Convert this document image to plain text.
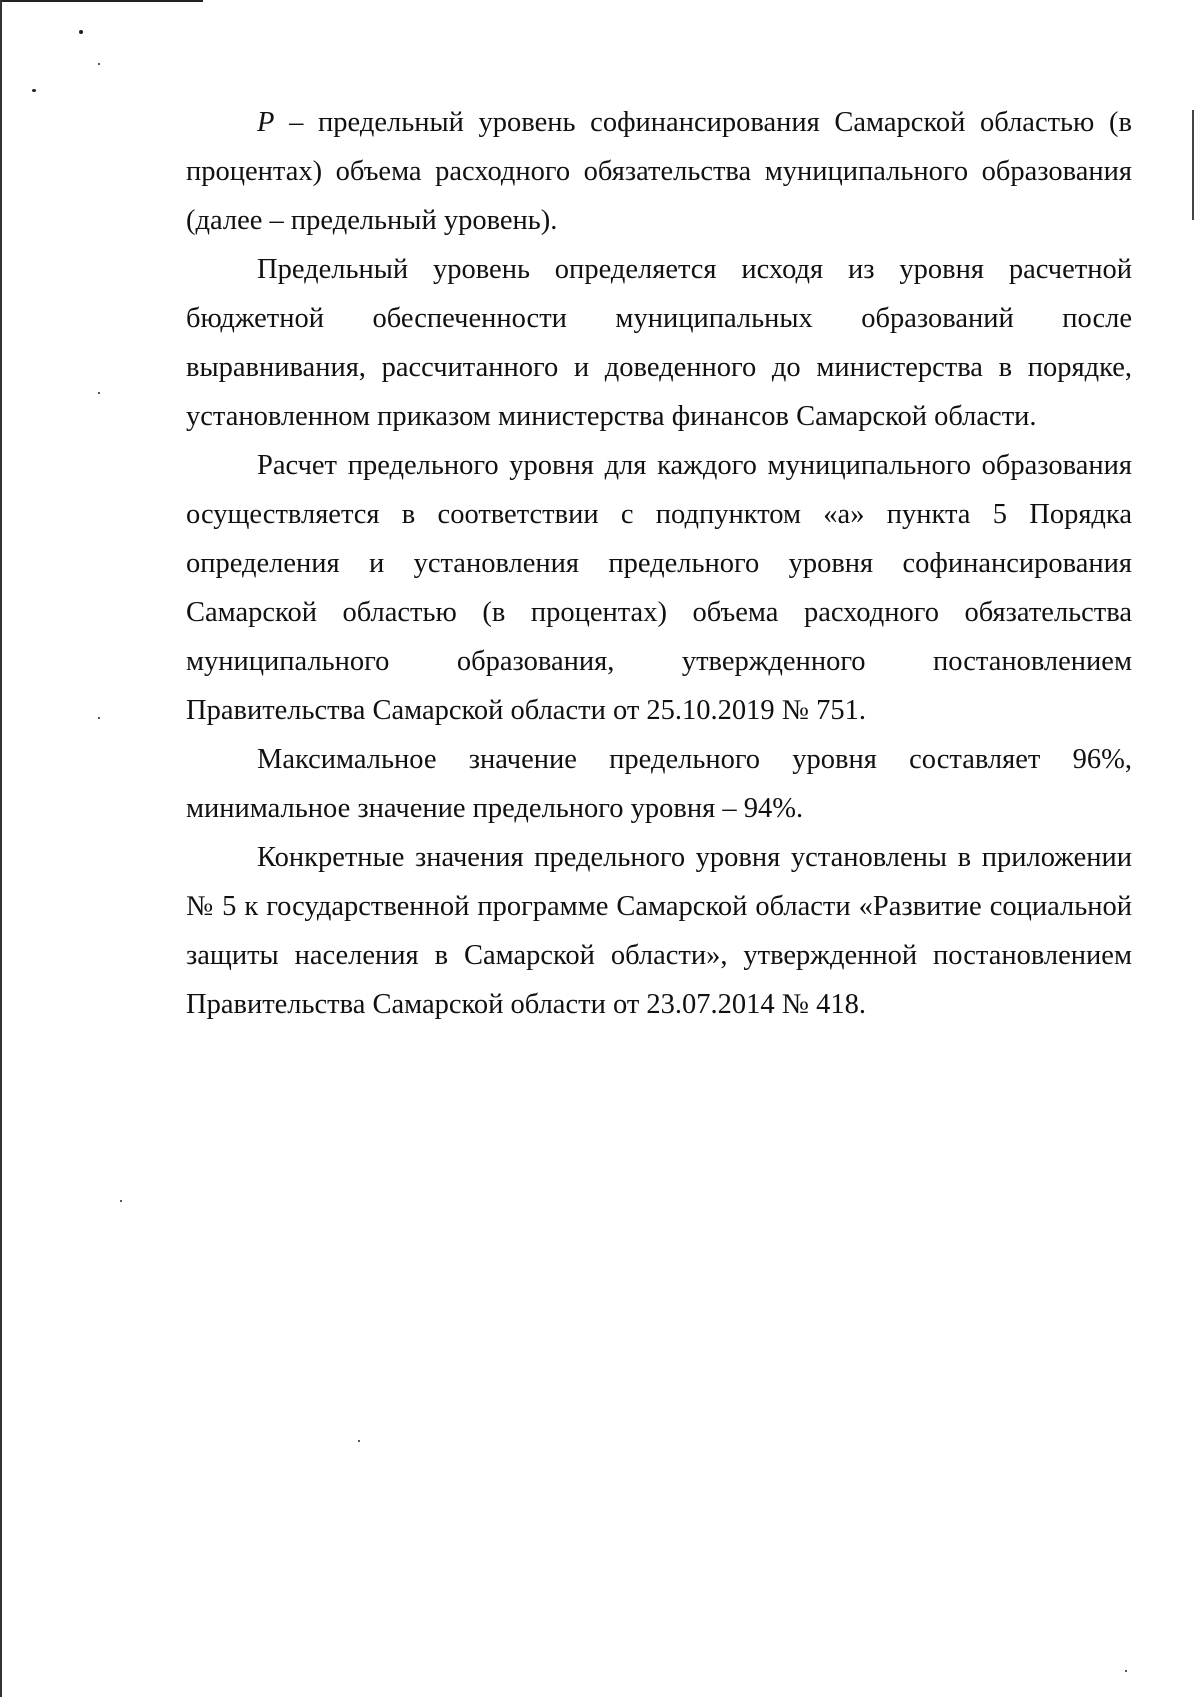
P – предельный уровень софинансирования Самарской областью (в процентах) объема расходного обязательства муниципального образования (далее – предельный уровень).

Предельный уровень определяется исходя из уровня расчетной бюджетной обеспеченности муниципальных образований после выравнивания, рассчитанного и доведенного до министерства в порядке, установленном приказом министерства финансов Самарской области.

Расчет предельного уровня для каждого муниципального образования осуществляется в соответствии с подпунктом «а» пункта 5 Порядка определения и установления предельного уровня софинансирования Самарской областью (в процентах) объема расходного обязательства муниципального образования, утвержденного постановлением Правительства Самарской области от 25.10.2019 № 751.

Максимальное значение предельного уровня составляет 96%, минимальное значение предельного уровня – 94%.

Конкретные значения предельного уровня установлены в приложении № 5 к государственной программе Самарской области «Развитие социальной защиты населения в Самарской области», утвержденной постановлением Правительства Самарской области от 23.07.2014 № 418.
